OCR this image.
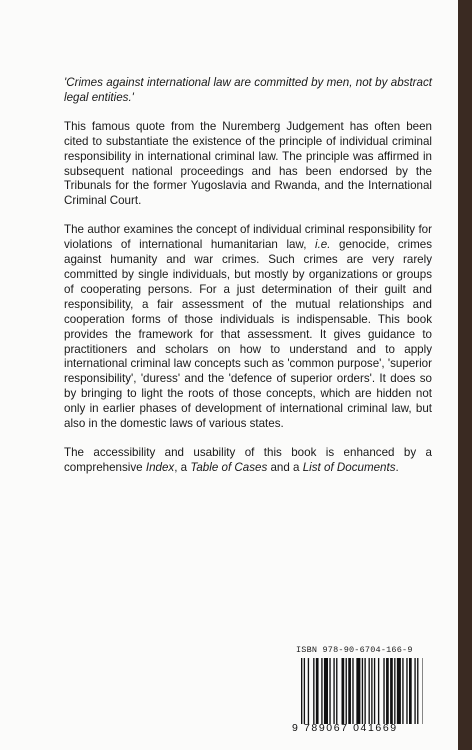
'Crimes against international law are committed by men, not by abstract legal entities.'

This famous quote from the Nuremberg Judgement has often been cited to substantiate the existence of the principle of individual criminal responsibility in international criminal law. The principle was affirmed in subsequent national proceedings and has been endorsed by the Tribunals for the former Yugoslavia and Rwanda, and the International Criminal Court.

The author examines the concept of individual criminal responsibility for violations of international humanitarian law, i.e. genocide, crimes against humanity and war crimes. Such crimes are very rarely committed by single individuals, but mostly by organizations or groups of cooperating persons. For a just determination of their guilt and responsibility, a fair assessment of the mutual relationships and cooperation forms of those individuals is indispensable. This book provides the framework for that assessment. It gives guidance to practitioners and scholars on how to understand and to apply international criminal law concepts such as 'common purpose', 'superior responsibility', 'duress' and the 'defence of superior orders'. It does so by bringing to light the roots of those concepts, which are hidden not only in earlier phases of development of international criminal law, but also in the domestic laws of various states.

The accessibility and usability of this book is enhanced by a comprehensive Index, a Table of Cases and a List of Documents.

ISBN 978-90-6704-166-9
9 789067 041669
